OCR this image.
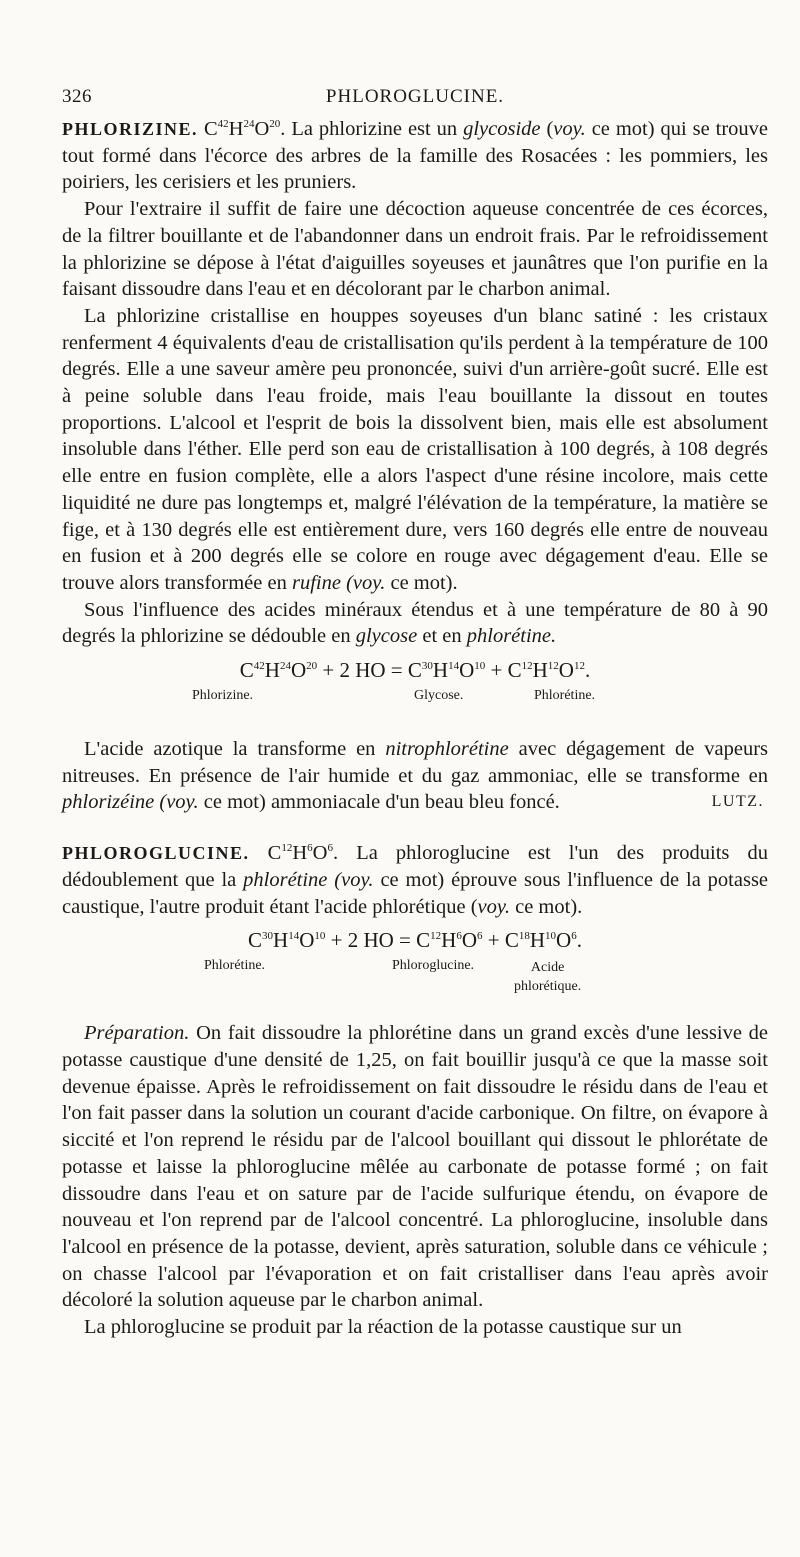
326	PHLOROGLUCINE.

PHLORIZINE. $C^{42}H^{24}O^{20}$. La phlorizine est un glycoside (voy. ce mot) qui se trouve tout formé dans l'écorce des arbres de la famille des Rosacées : les pommiers, les poiriers, les cerisiers et les pruniers.

Pour l'extraire il suffit de faire une décoction aqueuse concentrée de ces écorces, de la filtrer bouillante et de l'abandonner dans un endroit frais. Par le refroidissement la phlorizine se dépose à l'état d'aiguilles soyeuses et jaunâtres que l'on purifie en la faisant dissoudre dans l'eau et en décolorant par le charbon animal.

La phlorizine cristallise en houppes soyeuses d'un blanc satiné : les cristaux renferment 4 équivalents d'eau de cristallisation qu'ils perdent à la température de 100 degrés. Elle a une saveur amère peu prononcée, suivi d'un arrière-goût sucré. Elle est à peine soluble dans l'eau froide, mais l'eau bouillante la dissout en toutes proportions. L'alcool et l'esprit de bois la dissolvent bien, mais elle est absolument insoluble dans l'éther. Elle perd son eau de cristallisation à 100 degrés, à 108 degrés elle entre en fusion complète, elle a alors l'aspect d'une résine incolore, mais cette liquidité ne dure pas longtemps et, malgré l'élévation de la température, la matière se fige, et à 130 degrés elle est entièrement dure, vers 160 degrés elle entre de nouveau en fusion et à 200 degrés elle se colore en rouge avec dégagement d'eau. Elle se trouve alors transformée en rufine (voy. ce mot).

Sous l'influence des acides minéraux étendus et à une température de 80 à 90 degrés la phlorizine se dédouble en glycose et en phlorétine.

$C^{42}H^{24}O^{20} + 2$ HO = $C^{30}H^{14}O^{10} + C^{12}H^{12}O^{12}$.
Phlorizine.	Glycose.	Phlorétine.

L'acide azotique la transforme en nitrophlorétine avec dégagement de vapeurs nitreuses. En présence de l'air humide et du gaz ammoniac, elle se transforme en phlorizéine (voy. ce mot) ammoniacale d'un beau bleu foncé.	LUTZ.

PHLOROGLUCINE. $C^{12}H^6O^6$. La phloroglucine est l'un des produits du dédoublement que la phlorétine (voy. ce mot) éprouve sous l'influence de la potasse caustique, l'autre produit étant l'acide phlorétique (voy. ce mot).

$C^{30}H^{14}O^{10} + 2$ HO = $C^{12}H^6O^6 + C^{18}H^{10}O^6$.
Phlorétine.	Phloroglucine.	Acide
phlorétique.

Préparation. On fait dissoudre la phlorétine dans un grand excès d'une lessive de potasse caustique d'une densité de 1,25, on fait bouillir jusqu'à ce que la masse soit devenue épaisse. Après le refroidissement on fait dissoudre le résidu dans de l'eau et l'on fait passer dans la solution un courant d'acide carbonique. On filtre, on évapore à siccité et l'on reprend le résidu par de l'alcool bouillant qui dissout le phlorétate de potasse et laisse la phloroglucine mêlée au carbonate de potasse formé ; on fait dissoudre dans l'eau et on sature par de l'acide sulfurique étendu, on évapore de nouveau et l'on reprend par de l'alcool concentré. La phloroglucine, insoluble dans l'alcool en présence de la potasse, devient, après saturation, soluble dans ce véhicule ; on chasse l'alcool par l'évaporation et on fait cristalliser dans l'eau après avoir décoloré la solution aqueuse par le charbon animal.

La phloroglucine se produit par la réaction de la potasse caustique sur un
